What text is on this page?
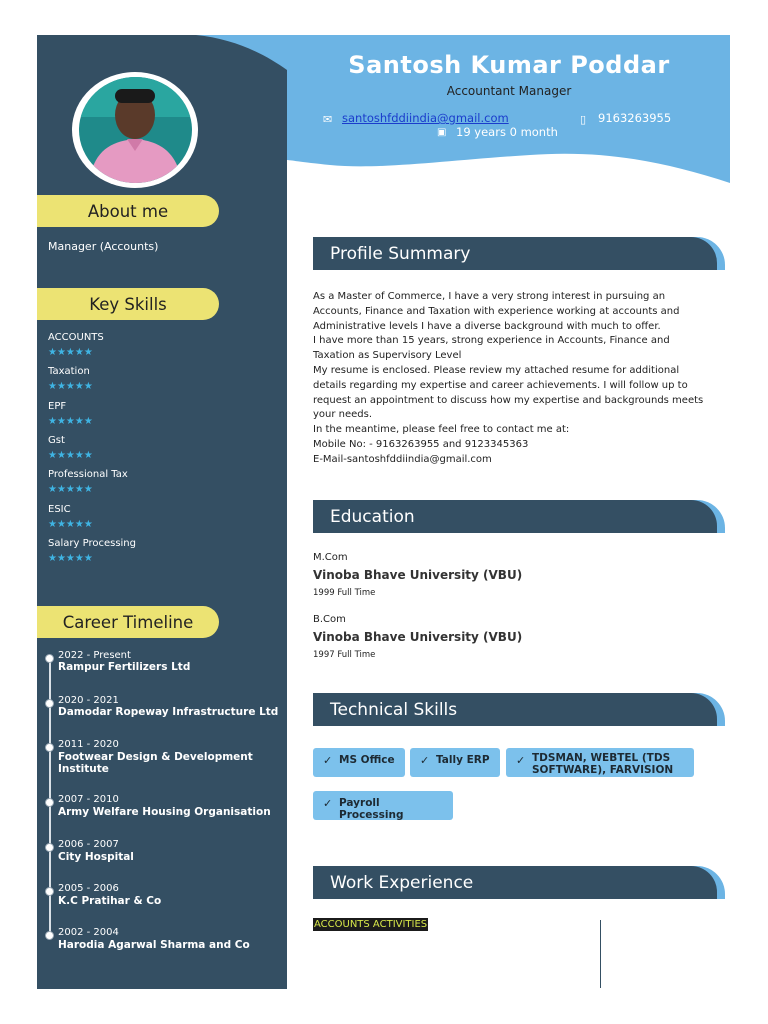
About me
Manager (Accounts)
Key Skills
ACCOUNTS
★★★★★
Taxation
★★★★★
EPF
★★★★★
Gst
★★★★★
Professional Tax
★★★★★
ESIC
★★★★★
Salary Processing
★★★★★
Career Timeline
2022 - Present
Rampur Fertilizers Ltd
2020 - 2021
Damodar Ropeway Infrastructure Ltd
2011 - 2020
Footwear Design & Development Institute
2007 - 2010
Army Welfare Housing Organisation
2006 - 2007
City Hospital
2005 - 2006
K.C Pratihar & Co
2002 - 2004
Harodia Agarwal Sharma and Co
Santosh Kumar Poddar
Accountant Manager
✉ santoshfddiindia@gmail.com	▯ 9163263955
▣ 19 years 0 month
Profile Summary

As a Master of Commerce, I have a very strong interest in pursuing an

Accounts, Finance and Taxation with experience working at accounts and

Administrative levels I have a diverse background with much to offer.

I have more than 15 years, strong experience in Accounts, Finance and

Taxation as Supervisory Level

My resume is enclosed. Please review my attached resume for additional

details regarding my expertise and career achievements. I will follow up to

request an appointment to discuss how my expertise and backgrounds meets

your needs.

In the meantime, please feel free to contact me at:

Mobile No: - 9163263955 and 9123345363

E-Mail-santoshfddiindia@gmail.com

Education
M.Com
Vinoba Bhave University (VBU)
1999 Full Time
B.Com
Vinoba Bhave University (VBU)
1997 Full Time
Technical Skills
✓ MS Office	✓ Tally ERP	✓ TDSMAN, WEBTEL (TDS SOFTWARE), FARVISION
✓ Payroll Processing
Work Experience
ACCOUNTS ACTIVITIES
